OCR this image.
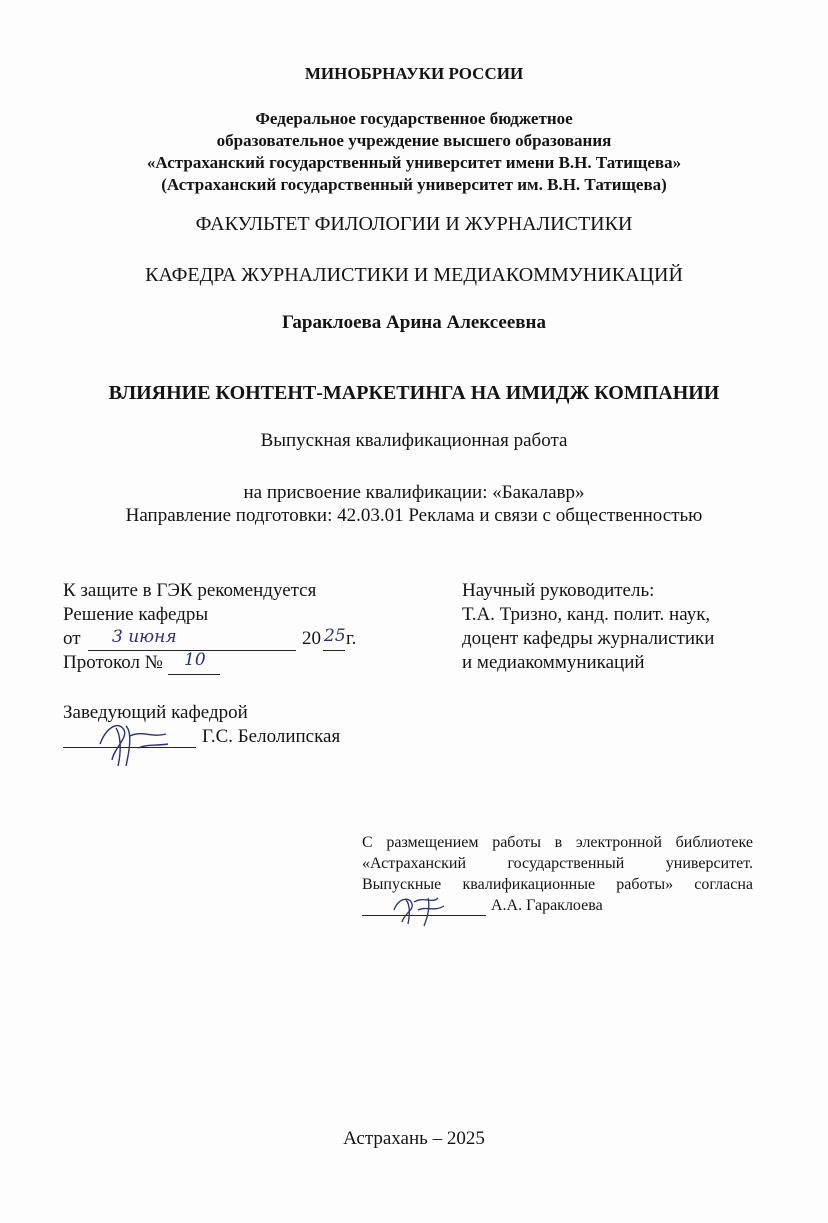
МИНОБРНАУКИ РОССИИ
Федеральное государственное бюджетное
образовательное учреждение высшего образования
«Астраханский государственный университет имени В.Н. Татищева»
(Астраханский государственный университет им. В.Н. Татищева)
ФАКУЛЬТЕТ ФИЛОЛОГИИ И ЖУРНАЛИСТИКИ
КАФЕДРА ЖУРНАЛИСТИКИ И МЕДИАКОММУНИКАЦИЙ
Гараклоева Арина Алексеевна
ВЛИЯНИЕ КОНТЕНТ-МАРКЕТИНГА НА ИМИДЖ КОМПАНИИ
Выпускная квалификационная работа
на присвоение квалификации: «Бакалавр»
Направление подготовки: 42.03.01 Реклама и связи с общественностью
К защите в ГЭК рекомендуется
Решение кафедры
от 3 июня	20 25 г.
Протокол № 10
Заведующий кафедрой
Г.С. Белолипская
Научный руководитель:
Т.А. Тризно, канд. полит. наук,
доцент кафедры журналистики
и медиакоммуникаций
С размещением работы в электронной библиотеке
«Астраханский государственный университет.
Выпускные квалификационные работы» согласна
А.А. Гараклоева
Астрахань – 2025
